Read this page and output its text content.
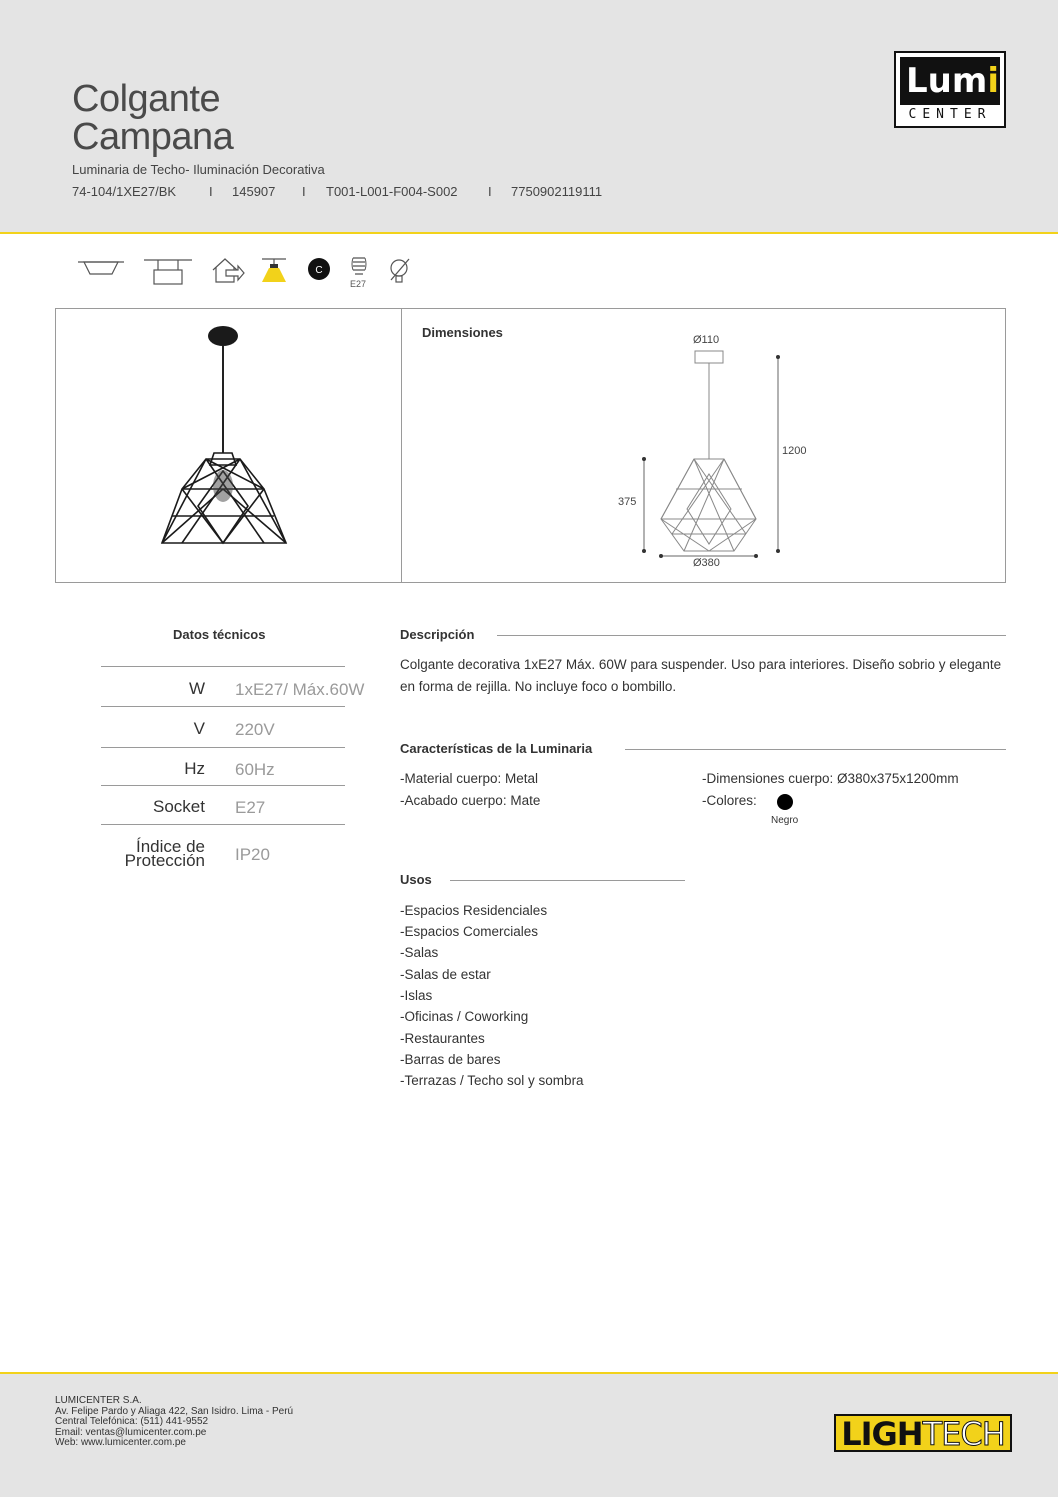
Colgante
Campana
Luminaria de Techo- Iluminación Decorativa
74-104/1XE27/BK	I 145907 I T001-L001-F004-S002 I 7750902119111
Lumi
CENTER
C
E27
Dimensiones	Ø110
1200
375
Ø380
Datos técnicos
W 1xE27/ Máx.60W
V 220V
Hz 60Hz
Socket E27
Índice de
Protección IP20
Descripción
Colgante decorativa 1xE27 Máx. 60W para suspender. Uso para interiores. Diseño sobrio y elegante
en forma de rejilla. No incluye foco o bombillo.
Características de la Luminaria
-Material cuerpo: Metal
-Acabado cuerpo: Mate
-Dimensiones cuerpo: Ø380x375x1200mm
-Colores:
Negro
Usos
-Espacios Residenciales
-Espacios Comerciales
-Salas
-Salas de estar
-Islas
-Oficinas / Coworking
-Restaurantes
-Barras de bares
-Terrazas / Techo sol y sombra
LUMICENTER S.A.
Av. Felipe Pardo y Aliaga 422, San Isidro. Lima - Perú
Central Telefónica: (511) 441-9552
Email: ventas@lumicenter.com.pe
Web: www.lumicenter.com.pe	LIGHTECH
